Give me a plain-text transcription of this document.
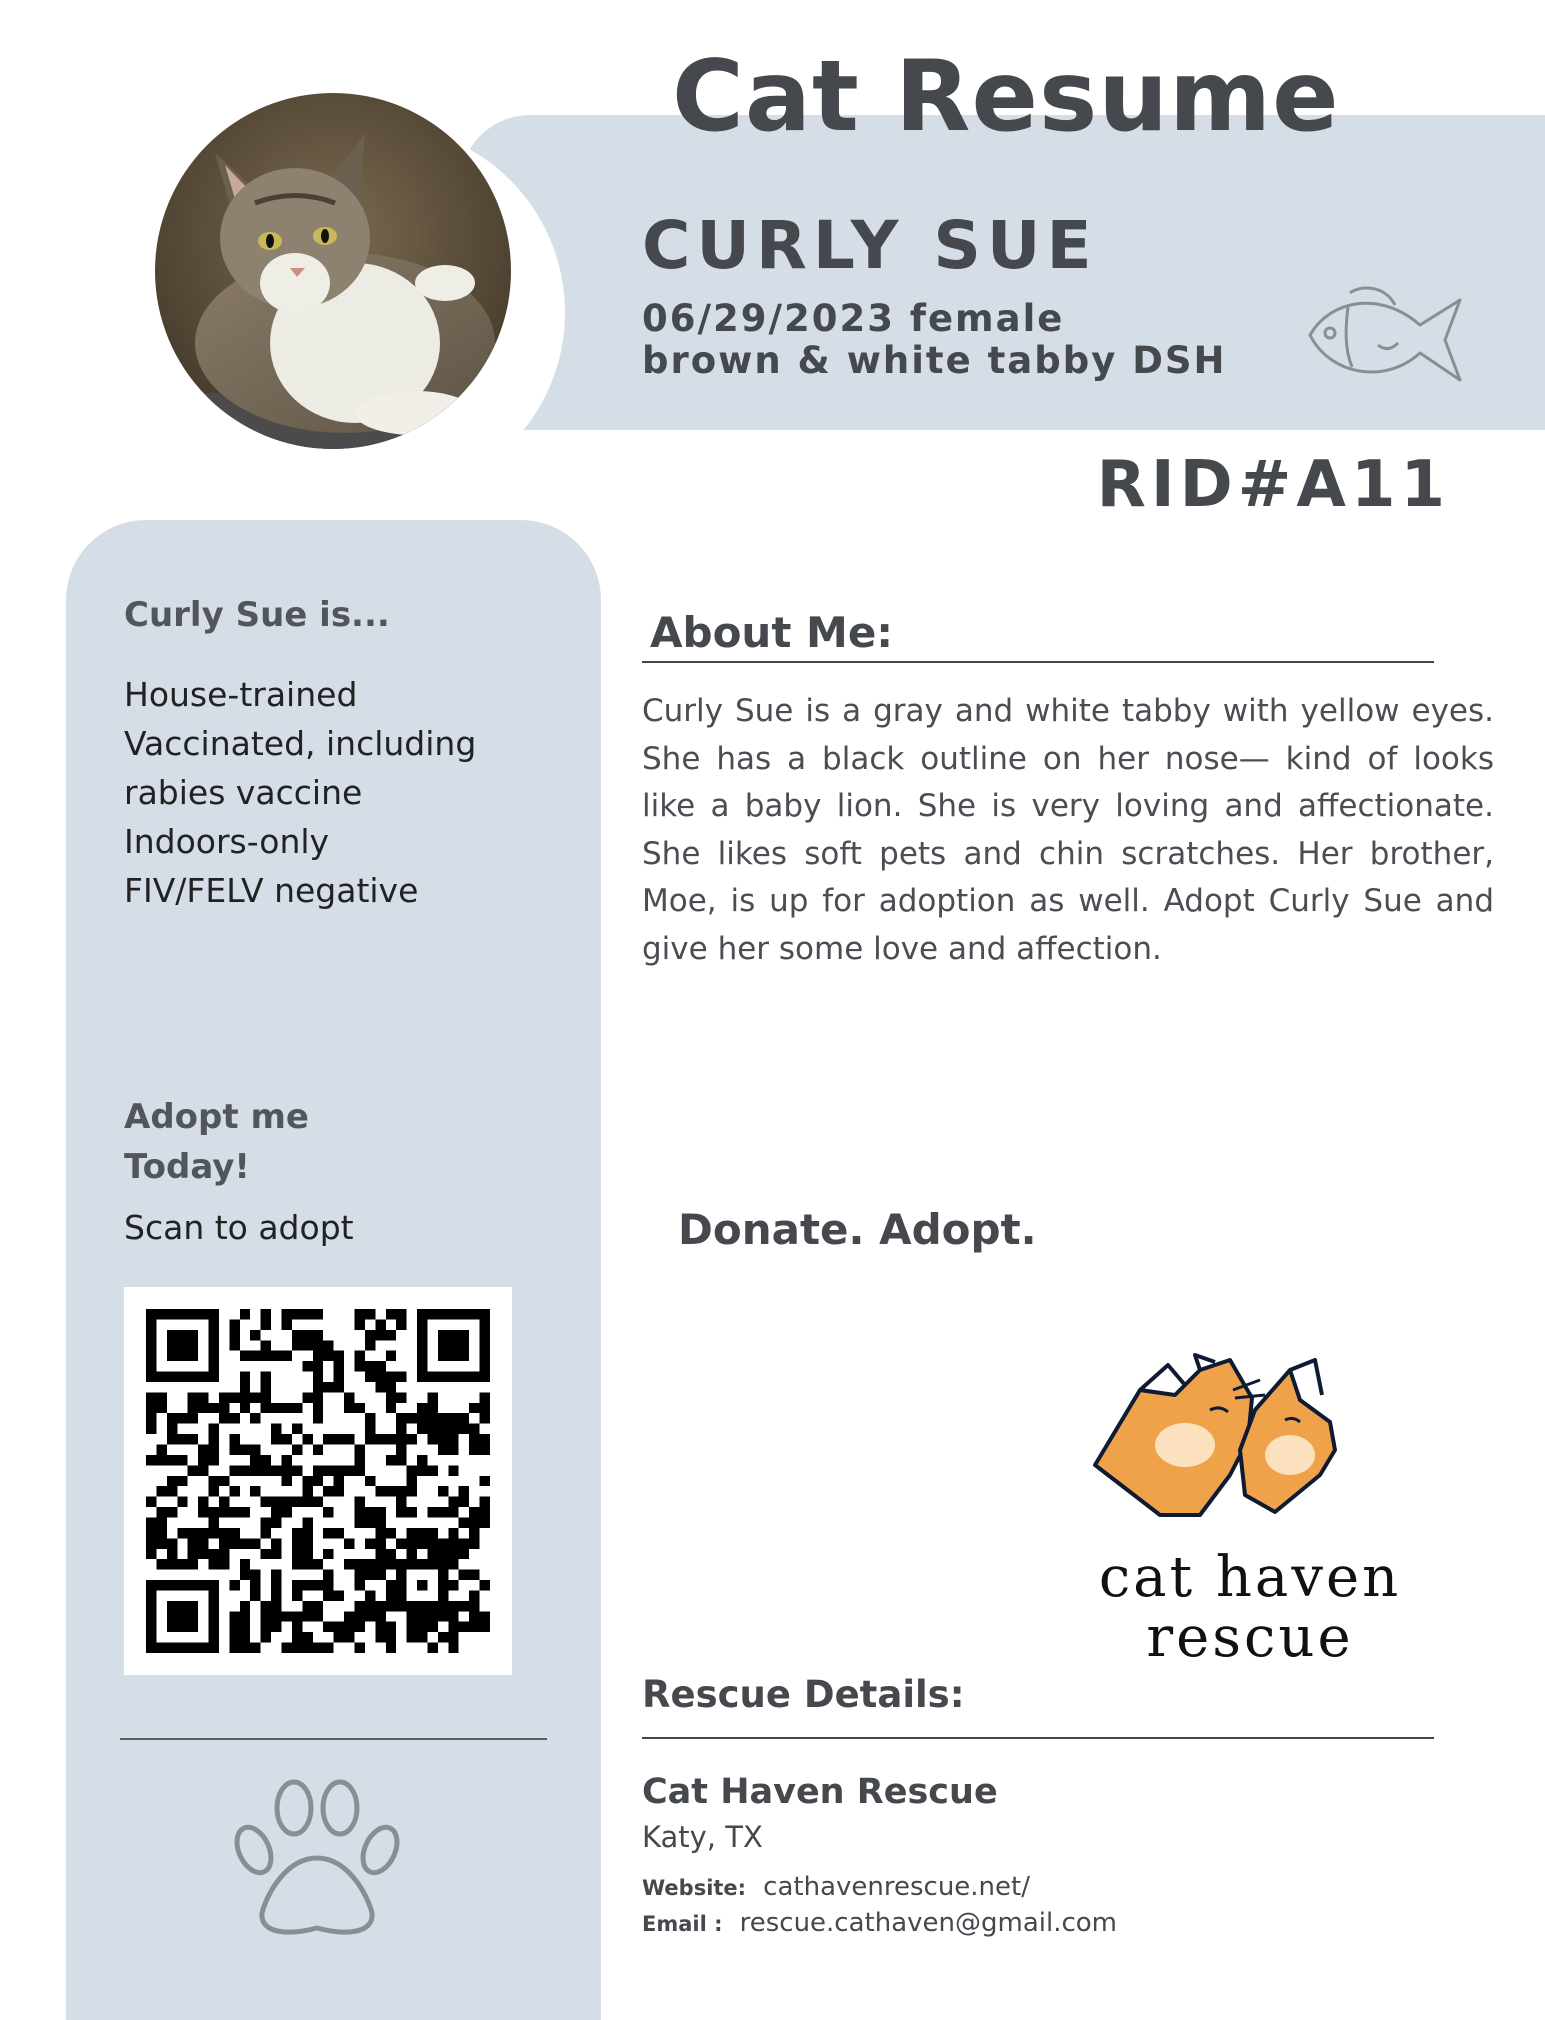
Cat Resume
CURLY SUE
06/29/2023 female
brown & white tabby DSH
RID#A11
Curly Sue is...
House-trained
Vaccinated, including
rabies vaccine
Indoors-only
FIV/FELV negative
Adopt me
Today!
Scan to adopt
About Me:

Curly Sue is a gray and white tabby with yellow eyes. She has a black outline on her nose— kind of looks like a baby lion. She is very loving and affectionate. She likes soft pets and chin scratches. Her brother, Moe, is up for adoption as well. Adopt Curly Sue and give her some love and affection.

Donate. Adopt.
cat haven
rescue
Rescue Details:
Cat Haven Rescue
Katy, TX
Website: cathavenrescue.net/
Email : rescue.cathaven@gmail.com
